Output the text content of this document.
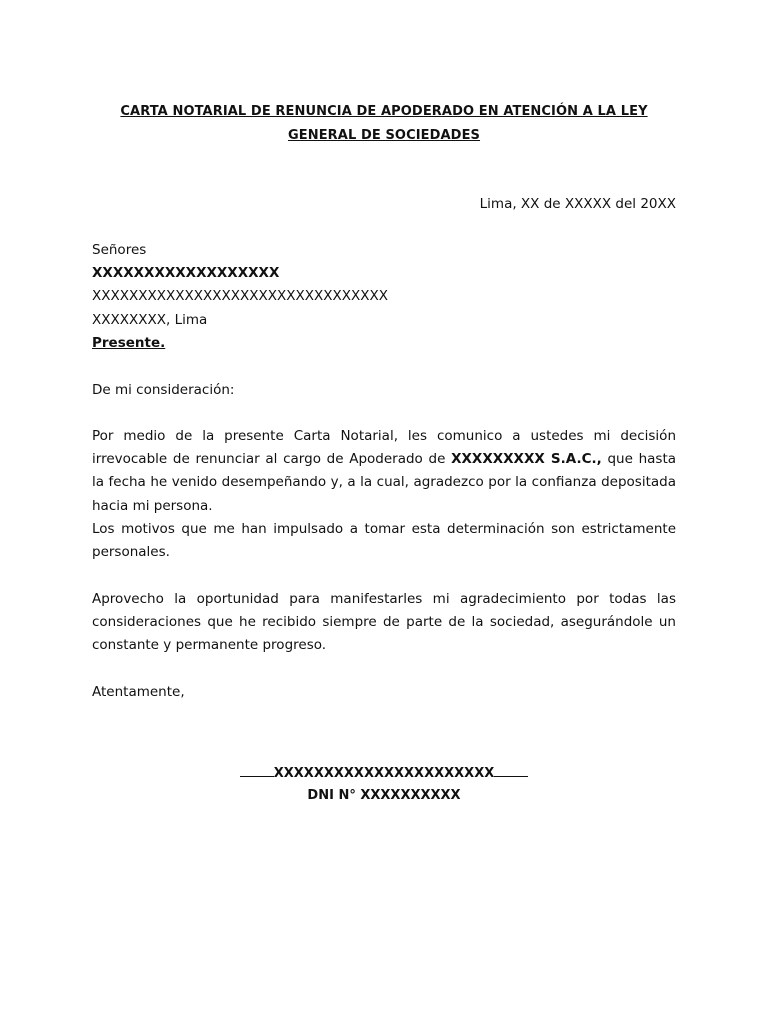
CARTA NOTARIAL DE RENUNCIA DE APODERADO EN ATENCIÓN A LA LEY GENERAL DE SOCIEDADES
Lima, XX de XXXXX del 20XX
Señores
XXXXXXXXXXXXXXXXXX
XXXXXXXXXXXXXXXXXXXXXXXXXXXXXXXX
XXXXXXXX, Lima
Presente.
De mi consideración:
Por medio de la presente Carta Notarial, les comunico a ustedes mi decisión irrevocable de renunciar al cargo de Apoderado de XXXXXXXXX S.A.C., que hasta la fecha he venido desempeñando y, a la cual, agradezco por la confianza depositada hacia mi persona.
Los motivos que me han impulsado a tomar esta determinación son estrictamente personales.
Aprovecho la oportunidad para manifestarles mi agradecimiento por todas las consideraciones que he recibido siempre de parte de la sociedad, asegurándole un constante y permanente progreso.
Atentamente,
XXXXXXXXXXXXXXXXXXXXXX
DNI N° XXXXXXXXXX
